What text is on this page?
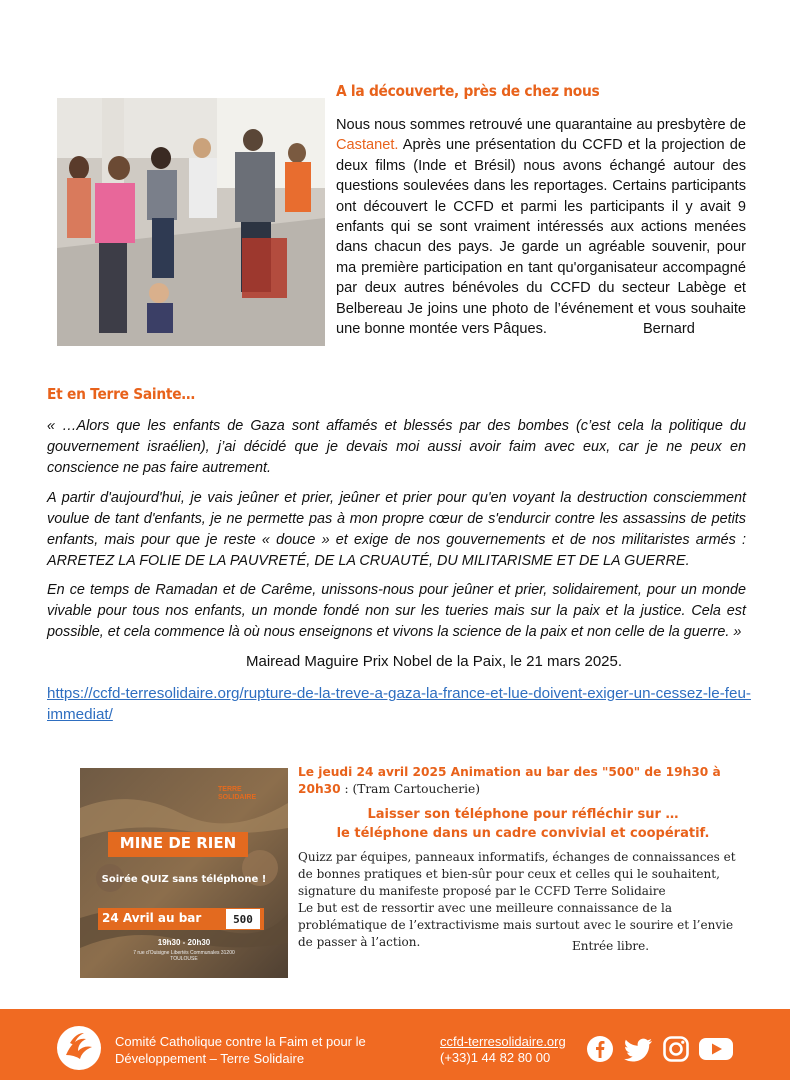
A la découverte, près de chez nous
Nous nous sommes retrouvé une quarantaine au presbytère de Castanet. Après une présentation du CCFD et la projection de deux films (Inde et Brésil) nous avons échangé autour des questions soulevées dans les reportages. Certains participants ont découvert le CCFD et parmi les participants il y avait 9 enfants qui se sont vraiment intéressés aux actions menées dans chacun des pays. Je garde un agréable souvenir, pour ma première participation en tant qu'organisateur accompagné par deux autres bénévoles du CCFD du secteur Labège et Belbereau Je joins une photo de l’événement et vous souhaite une bonne montée vers Pâques.	Bernard
Et en Terre Sainte…

« …Alors que les enfants de Gaza sont affamés et blessés par des bombes (c’est cela la politique du gouvernement israélien), j’ai décidé que je devais moi aussi avoir faim avec eux, car je ne peux en conscience ne pas faire autrement.

A partir d'aujourd'hui, je vais jeûner et prier, jeûner et prier pour qu'en voyant la destruction consciemment voulue de tant d'enfants, je ne permette pas à mon propre cœur de s'endurcir contre les assassins de petits enfants, mais pour que je reste « douce » et exige de nos gouvernements et de nos militaristes armés : ARRETEZ LA FOLIE DE LA PAUVRETÉ, DE LA CRUAUTÉ, DU MILITARISME ET DE LA GUERRE.

En ce temps de Ramadan et de Carême, unissons-nous pour jeûner et prier, solidairement, pour un monde vivable pour tous nos enfants, un monde fondé non sur les tueries mais sur la paix et la justice. Cela est possible, et cela commence là où nous enseignons et vivons la science de la paix et non celle de la guerre. »

Mairead Maguire Prix Nobel de la Paix, le 21 mars 2025.
https://ccfd-terresolidaire.org/rupture-de-la-treve-a-gaza-la-france-et-lue-doivent-exiger-un-cessez-le-feu-immediat/
TERRE SOLIDAIRE
MINE DE RIEN
Soirée QUIZ sans téléphone !
24 Avril au bar	500
19h30 - 20h30
7 rue d'Ouisigne Libertés Communales 31200 TOULOUSE
Le jeudi 24 avril 2025 Animation au bar des "500" de 19h30 à 20h30 : (Tram Cartoucherie)
Laisser son téléphone pour réfléchir sur …
le téléphone dans un cadre convivial et coopératif.
Quizz par équipes, panneaux informatifs, échanges de connaissances et de bonnes pratiques et bien-sûr pour ceux et celles qui le souhaitent, signature du manifeste proposé par le CCFD Terre Solidaire
Le but est de ressortir avec une meilleure connaissance de la problématique de l’extractivisme mais surtout avec le sourire et l’envie de passer à l’action.	Entrée libre.
Comité Catholique contre la Faim et pour le
Développement – Terre Solidaire
ccfd-terresolidaire.org
(+33)1 44 82 80 00
